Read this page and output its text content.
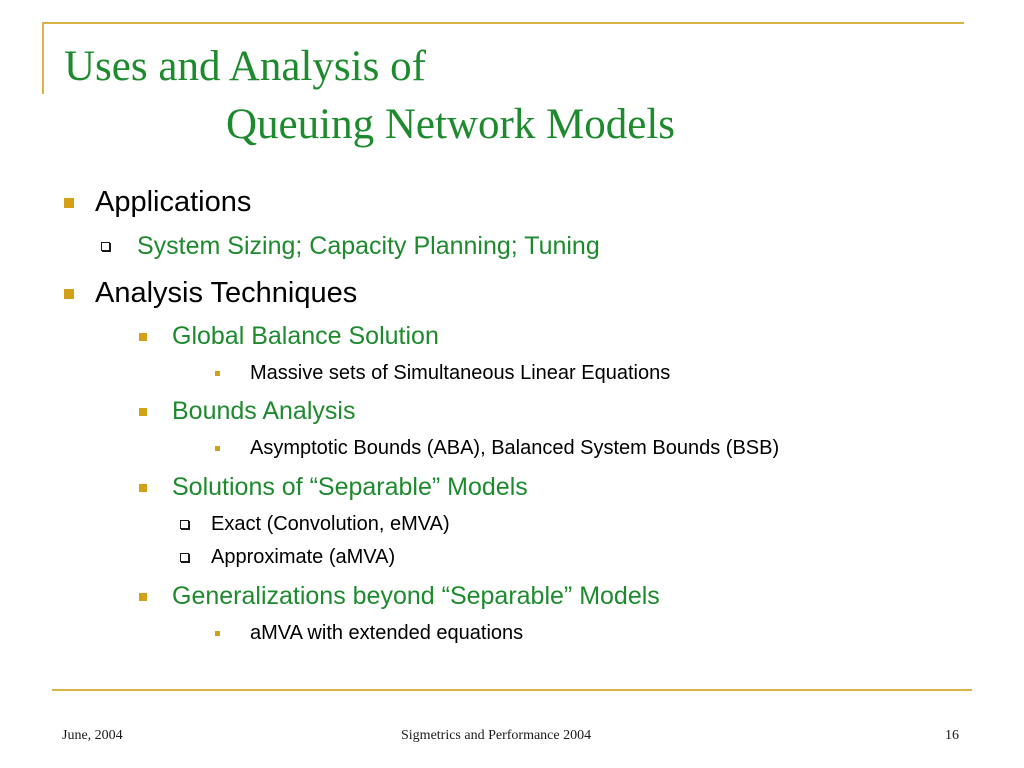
Uses and Analysis of
Queuing Network Models
Applications
System Sizing; Capacity Planning; Tuning
Analysis Techniques
Global Balance Solution
Massive sets of Simultaneous Linear Equations
Bounds Analysis
Asymptotic Bounds (ABA), Balanced System Bounds (BSB)
Solutions of “Separable” Models
Exact (Convolution, eMVA)
Approximate (aMVA)
Generalizations beyond “Separable” Models
aMVA with extended equations
June, 2004	Sigmetrics and Performance 2004	16
